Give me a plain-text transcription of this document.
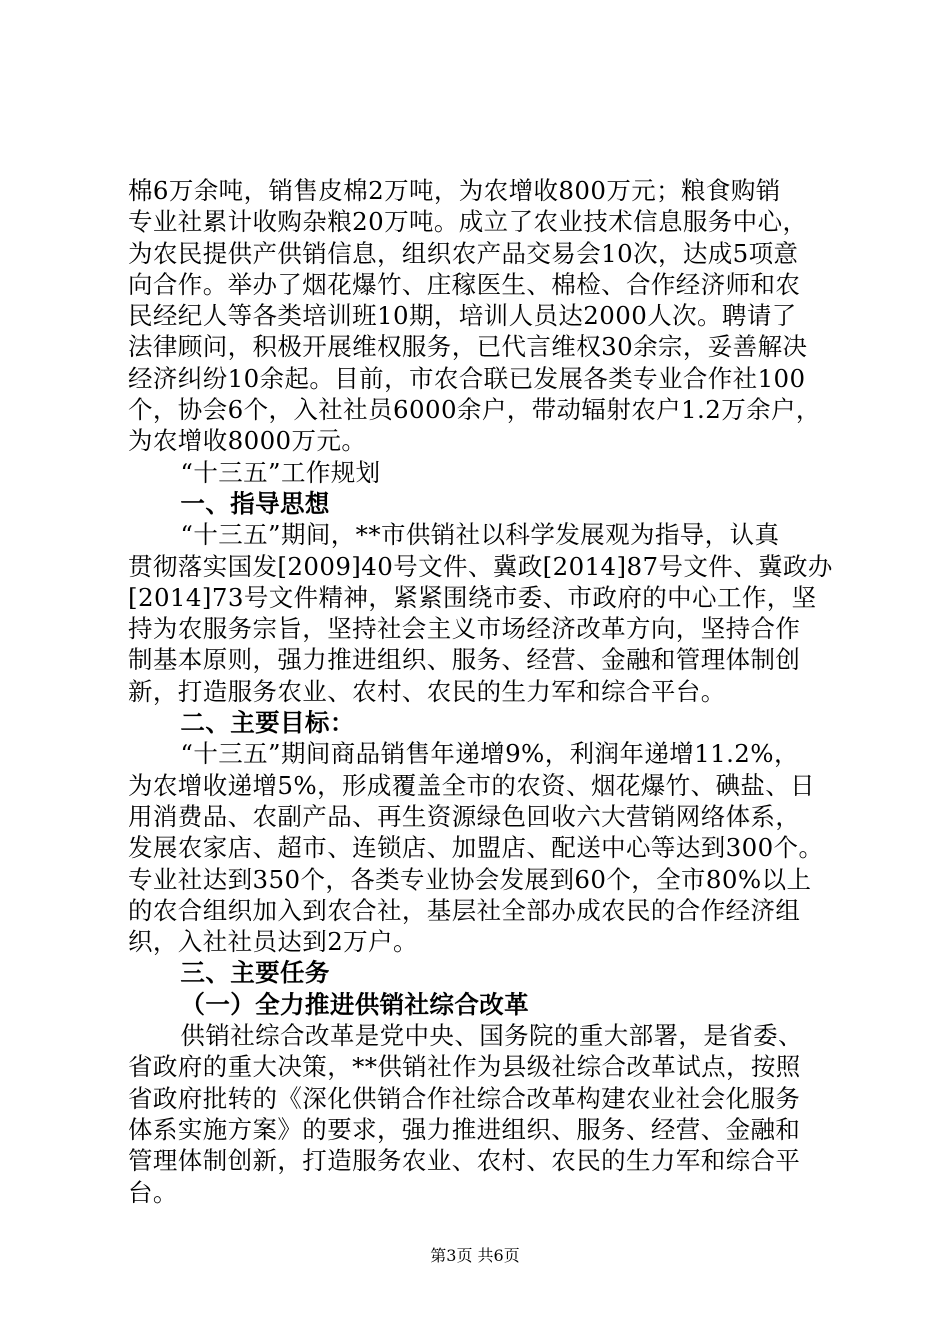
棉6万余吨，销售皮棉2万吨，为农增收800万元；粮食购销
专业社累计收购杂粮20万吨。成立了农业技术信息服务中心，
为农民提供产供销信息，组织农产品交易会10次，达成5项意
向合作。举办了烟花爆竹、庄稼医生、棉检、合作经济师和农
民经纪人等各类培训班10期，培训人员达2000人次。聘请了
法律顾问，积极开展维权服务，已代言维权30余宗，妥善解决
经济纠纷10余起。目前，市农合联已发展各类专业合作社100
个，协会6个，入社社员6000余户，带动辐射农户1.2万余户，
为农增收8000万元。
“十三五”工作规划
一、指导思想
“十三五”期间，**市供销社以科学发展观为指导，认真
贯彻落实国发[2009]40号文件、冀政[2014]87号文件、冀政办
[2014]73号文件精神，紧紧围绕市委、市政府的中心工作，坚
持为农服务宗旨，坚持社会主义市场经济改革方向，坚持合作
制基本原则，强力推进组织、服务、经营、金融和管理体制创
新，打造服务农业、农村、农民的生力军和综合平台。
二、主要目标：
“十三五”期间商品销售年递增9%，利润年递增11.2%，
为农增收递增5%，形成覆盖全市的农资、烟花爆竹、碘盐、日
用消费品、农副产品、再生资源绿色回收六大营销网络体系，
发展农家店、超市、连锁店、加盟店、配送中心等达到300个。
专业社达到350个，各类专业协会发展到60个，全市80%以上
的农合组织加入到农合社，基层社全部办成农民的合作经济组
织，入社社员达到2万户。
三、主要任务
（一）全力推进供销社综合改革
供销社综合改革是党中央、国务院的重大部署，是省委、
省政府的重大决策，**供销社作为县级社综合改革试点，按照
省政府批转的《深化供销合作社综合改革构建农业社会化服务
体系实施方案》的要求，强力推进组织、服务、经营、金融和
管理体制创新，打造服务农业、农村、农民的生力军和综合平
台。
第3页 共6页
